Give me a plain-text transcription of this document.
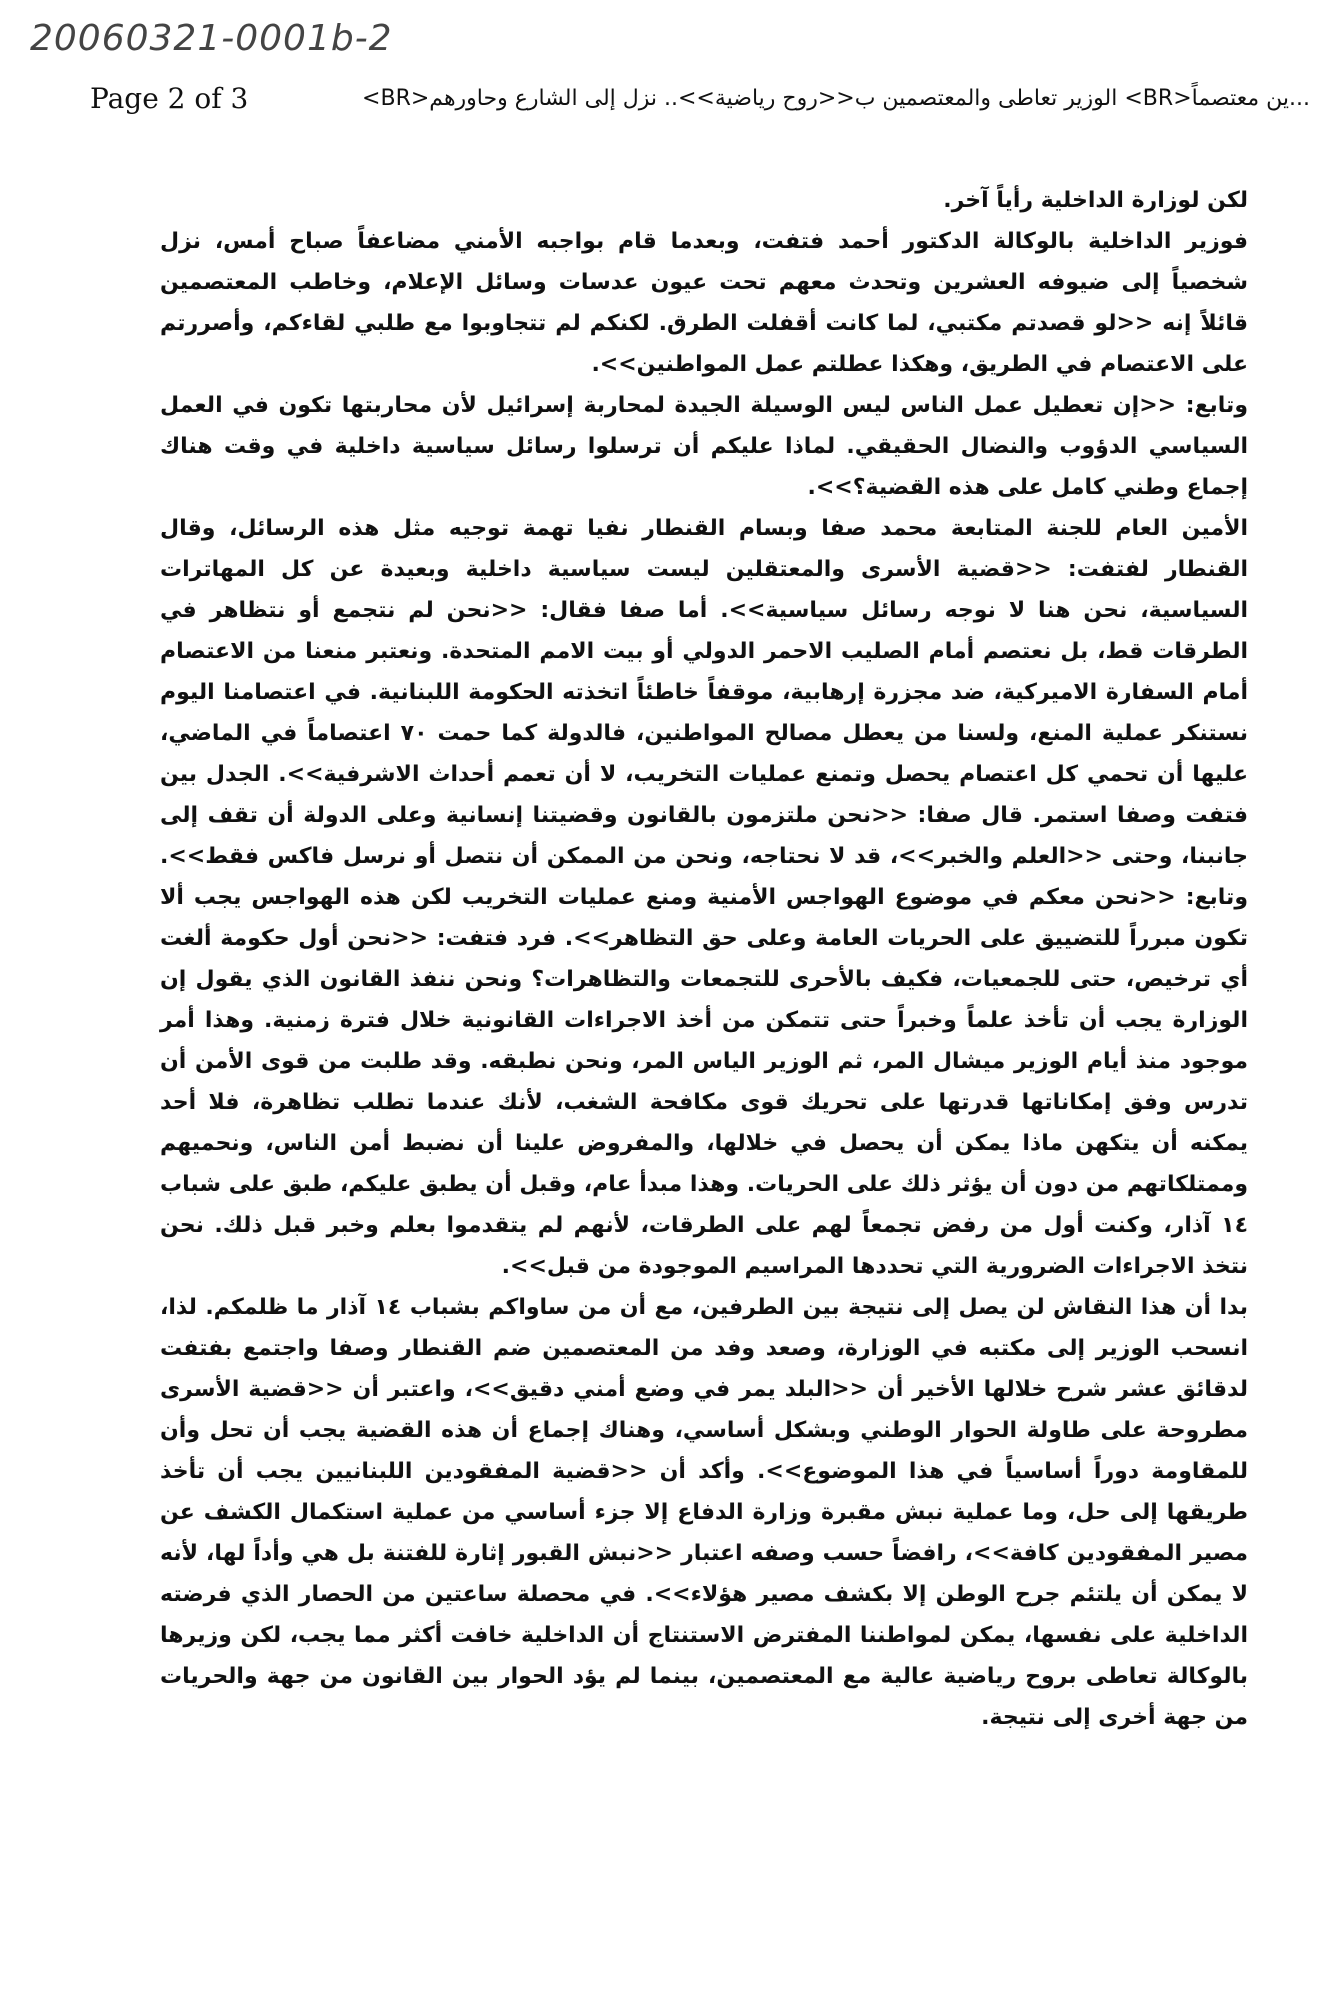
20060321-0001b-2
Page 2 of 3	...ين معتصماً<BR> الوزير تعاطى والمعتصمين ب<<روح رياضية>>.. نزل إلى الشارع وحاورهم<BR>

لكن لوزارة الداخلية رأياً آخر.

فوزير الداخلية بالوكالة الدكتور أحمد فتفت، وبعدما قام بواجبه الأمني مضاعفاً صباح أمس، نزل شخصياً إلى ضيوفه العشرين وتحدث معهم تحت عيون عدسات وسائل الإعلام، وخاطب المعتصمين قائلاً إنه <<لو قصدتم مكتبي، لما كانت أقفلت الطرق. لكنكم لم تتجاوبوا مع طلبي لقاءكم، وأصررتم على الاعتصام في الطريق، وهكذا عطلتم عمل المواطنين>>.

وتابع: <<إن تعطيل عمل الناس ليس الوسيلة الجيدة لمحاربة إسرائيل لأن محاربتها تكون في العمل السياسي الدؤوب والنضال الحقيقي. لماذا عليكم أن ترسلوا رسائل سياسية داخلية في وقت هناك إجماع وطني كامل على هذه القضية؟>>.

الأمين العام للجنة المتابعة محمد صفا وبسام القنطار نفيا تهمة توجيه مثل هذه الرسائل، وقال القنطار لفتفت: <<قضية الأسرى والمعتقلين ليست سياسية داخلية وبعيدة عن كل المهاترات السياسية، نحن هنا لا نوجه رسائل سياسية>>. أما صفا فقال: <<نحن لم نتجمع أو نتظاهر في الطرقات قط، بل نعتصم أمام الصليب الاحمر الدولي أو بيت الامم المتحدة. ونعتبر منعنا من الاعتصام أمام السفارة الاميركية، ضد مجزرة إرهابية، موقفاً خاطئاً اتخذته الحكومة اللبنانية. في اعتصامنا اليوم نستنكر عملية المنع، ولسنا من يعطل مصالح المواطنين، فالدولة كما حمت ٧٠ اعتصاماً في الماضي، عليها أن تحمي كل اعتصام يحصل وتمنع عمليات التخريب، لا أن تعمم أحداث الاشرفية>>. الجدل بين فتفت وصفا استمر. قال صفا: <<نحن ملتزمون بالقانون وقضيتنا إنسانية وعلى الدولة أن تقف إلى جانبنا، وحتى <<العلم والخبر>>، قد لا نحتاجه، ونحن من الممكن أن نتصل أو نرسل فاكس فقط>>. وتابع: <<نحن معكم في موضوع الهواجس الأمنية ومنع عمليات التخريب لكن هذه الهواجس يجب ألا تكون مبرراً للتضييق على الحريات العامة وعلى حق التظاهر>>. فرد فتفت: <<نحن أول حكومة ألغت أي ترخيص، حتى للجمعيات، فكيف بالأحرى للتجمعات والتظاهرات؟ ونحن ننفذ القانون الذي يقول إن الوزارة يجب أن تأخذ علماً وخبراً حتى تتمكن من أخذ الاجراءات القانونية خلال فترة زمنية. وهذا أمر موجود منذ أيام الوزير ميشال المر، ثم الوزير الياس المر، ونحن نطبقه. وقد طلبت من قوى الأمن أن تدرس وفق إمكاناتها قدرتها على تحريك قوى مكافحة الشغب، لأنك عندما تطلب تظاهرة، فلا أحد يمكنه أن يتكهن ماذا يمكن أن يحصل في خلالها، والمفروض علينا أن نضبط أمن الناس، ونحميهم وممتلكاتهم من دون أن يؤثر ذلك على الحريات. وهذا مبدأ عام، وقبل أن يطبق عليكم، طبق على شباب ١٤ آذار، وكنت أول من رفض تجمعاً لهم على الطرقات، لأنهم لم يتقدموا بعلم وخبر قبل ذلك. نحن نتخذ الاجراءات الضرورية التي تحددها المراسيم الموجودة من قبل>>.

بدا أن هذا النقاش لن يصل إلى نتيجة بين الطرفين، مع أن من ساواكم بشباب ١٤ آذار ما ظلمكم. لذا، انسحب الوزير إلى مكتبه في الوزارة، وصعد وفد من المعتصمين ضم القنطار وصفا واجتمع بفتفت لدقائق عشر شرح خلالها الأخير أن <<البلد يمر في وضع أمني دقيق>>، واعتبر أن <<قضية الأسرى مطروحة على طاولة الحوار الوطني وبشكل أساسي، وهناك إجماع أن هذه القضية يجب أن تحل وأن للمقاومة دوراً أساسياً في هذا الموضوع>>. وأكد أن <<قضية المفقودين اللبنانيين يجب أن تأخذ طريقها إلى حل، وما عملية نبش مقبرة وزارة الدفاع إلا جزء أساسي من عملية استكمال الكشف عن مصير المفقودين كافة>>، رافضاً حسب وصفه اعتبار <<نبش القبور إثارة للفتنة بل هي وأداً لها، لأنه لا يمكن أن يلتئم جرح الوطن إلا بكشف مصير هؤلاء>>. في محصلة ساعتين من الحصار الذي فرضته الداخلية على نفسها، يمكن لمواطننا المفترض الاستنتاج أن الداخلية خافت أكثر مما يجب، لكن وزيرها بالوكالة تعاطى بروح رياضية عالية مع المعتصمين، بينما لم يؤد الحوار بين القانون من جهة والحريات من جهة أخرى إلى نتيجة.
